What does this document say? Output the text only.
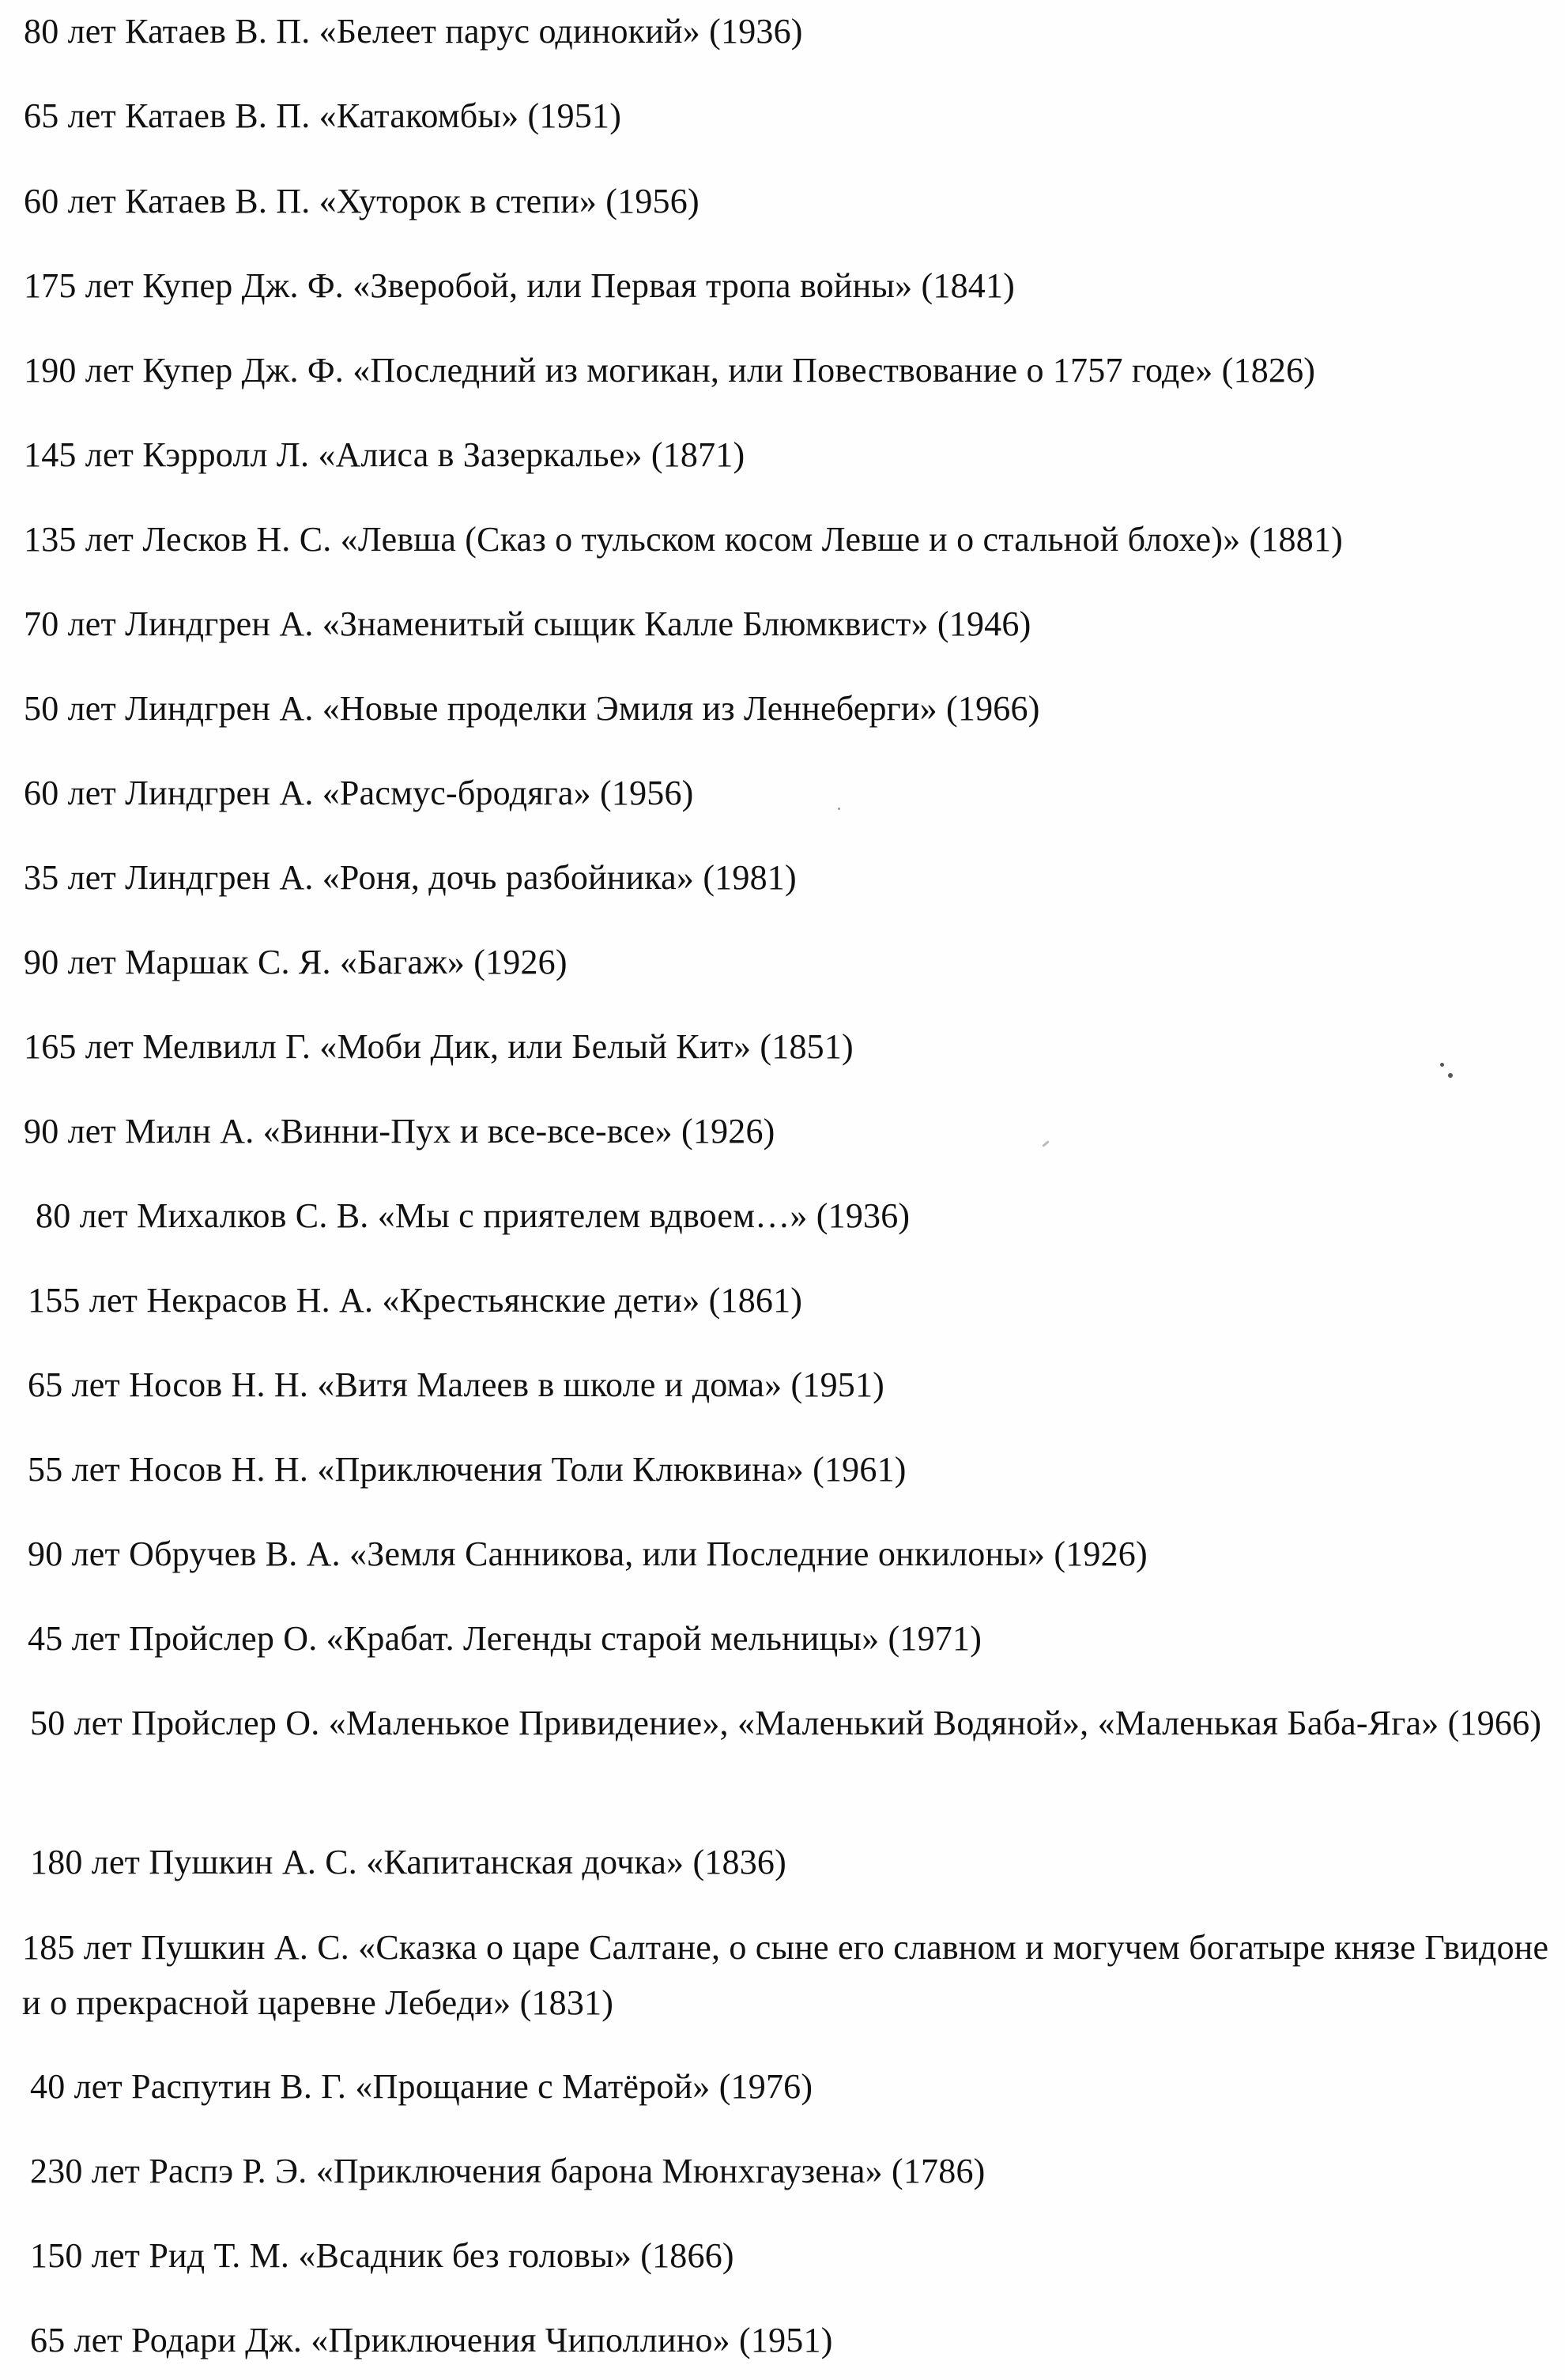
80 лет Катаев В. П. «Белеет парус одинокий» (1936)

65 лет Катаев В. П. «Катакомбы» (1951)

60 лет Катаев В. П. «Хуторок в степи» (1956)

175 лет Купер Дж. Ф. «Зверобой, или Первая тропа войны» (1841)

190 лет Купер Дж. Ф. «Последний из могикан, или Повествование о 1757 годе» (1826)

145 лет Кэрролл Л. «Алиса в Зазеркалье» (1871)

135 лет Лесков Н. С. «Левша (Сказ о тульском косом Левше и о стальной блохе)» (1881)

70 лет Линдгрен А. «Знаменитый сыщик Калле Блюмквист» (1946)

50 лет Линдгрен А. «Новые проделки Эмиля из Леннеберги» (1966)

60 лет Линдгрен А. «Расмус-бродяга» (1956)

35 лет Линдгрен А. «Роня, дочь разбойника» (1981)

90 лет Маршак С. Я. «Багаж» (1926)

165 лет Мелвилл Г. «Моби Дик, или Белый Кит» (1851)

90 лет Милн А. «Винни-Пух и все-все-все» (1926)

80 лет Михалков С. В. «Мы с приятелем вдвоем…» (1936)

155 лет Некрасов Н. А. «Крестьянские дети» (1861)

65 лет Носов Н. Н. «Витя Малеев в школе и дома» (1951)

55 лет Носов Н. Н. «Приключения Толи Клюквина» (1961)

90 лет Обручев В. А. «Земля Санникова, или Последние онкилоны» (1926)

45 лет Пройслер О. «Крабат. Легенды старой мельницы» (1971)

50 лет Пройслер О. «Маленькое Привидение», «Маленький Водяной», «Маленькая Баба-Яга» (1966)

180 лет Пушкин А. С. «Капитанская дочка» (1836)

185 лет Пушкин А. С. «Сказка о царе Салтане, о сыне его славном и могучем богатыре князе Гвидоне и о прекрасной царевне Лебеди» (1831)

40 лет Распутин В. Г. «Прощание с Матёрой» (1976)

230 лет Распэ Р. Э. «Приключения барона Мюнхгаузена» (1786)

150 лет Рид Т. М. «Всадник без головы» (1866)

65 лет Родари Дж. «Приключения Чиполлино» (1951)
